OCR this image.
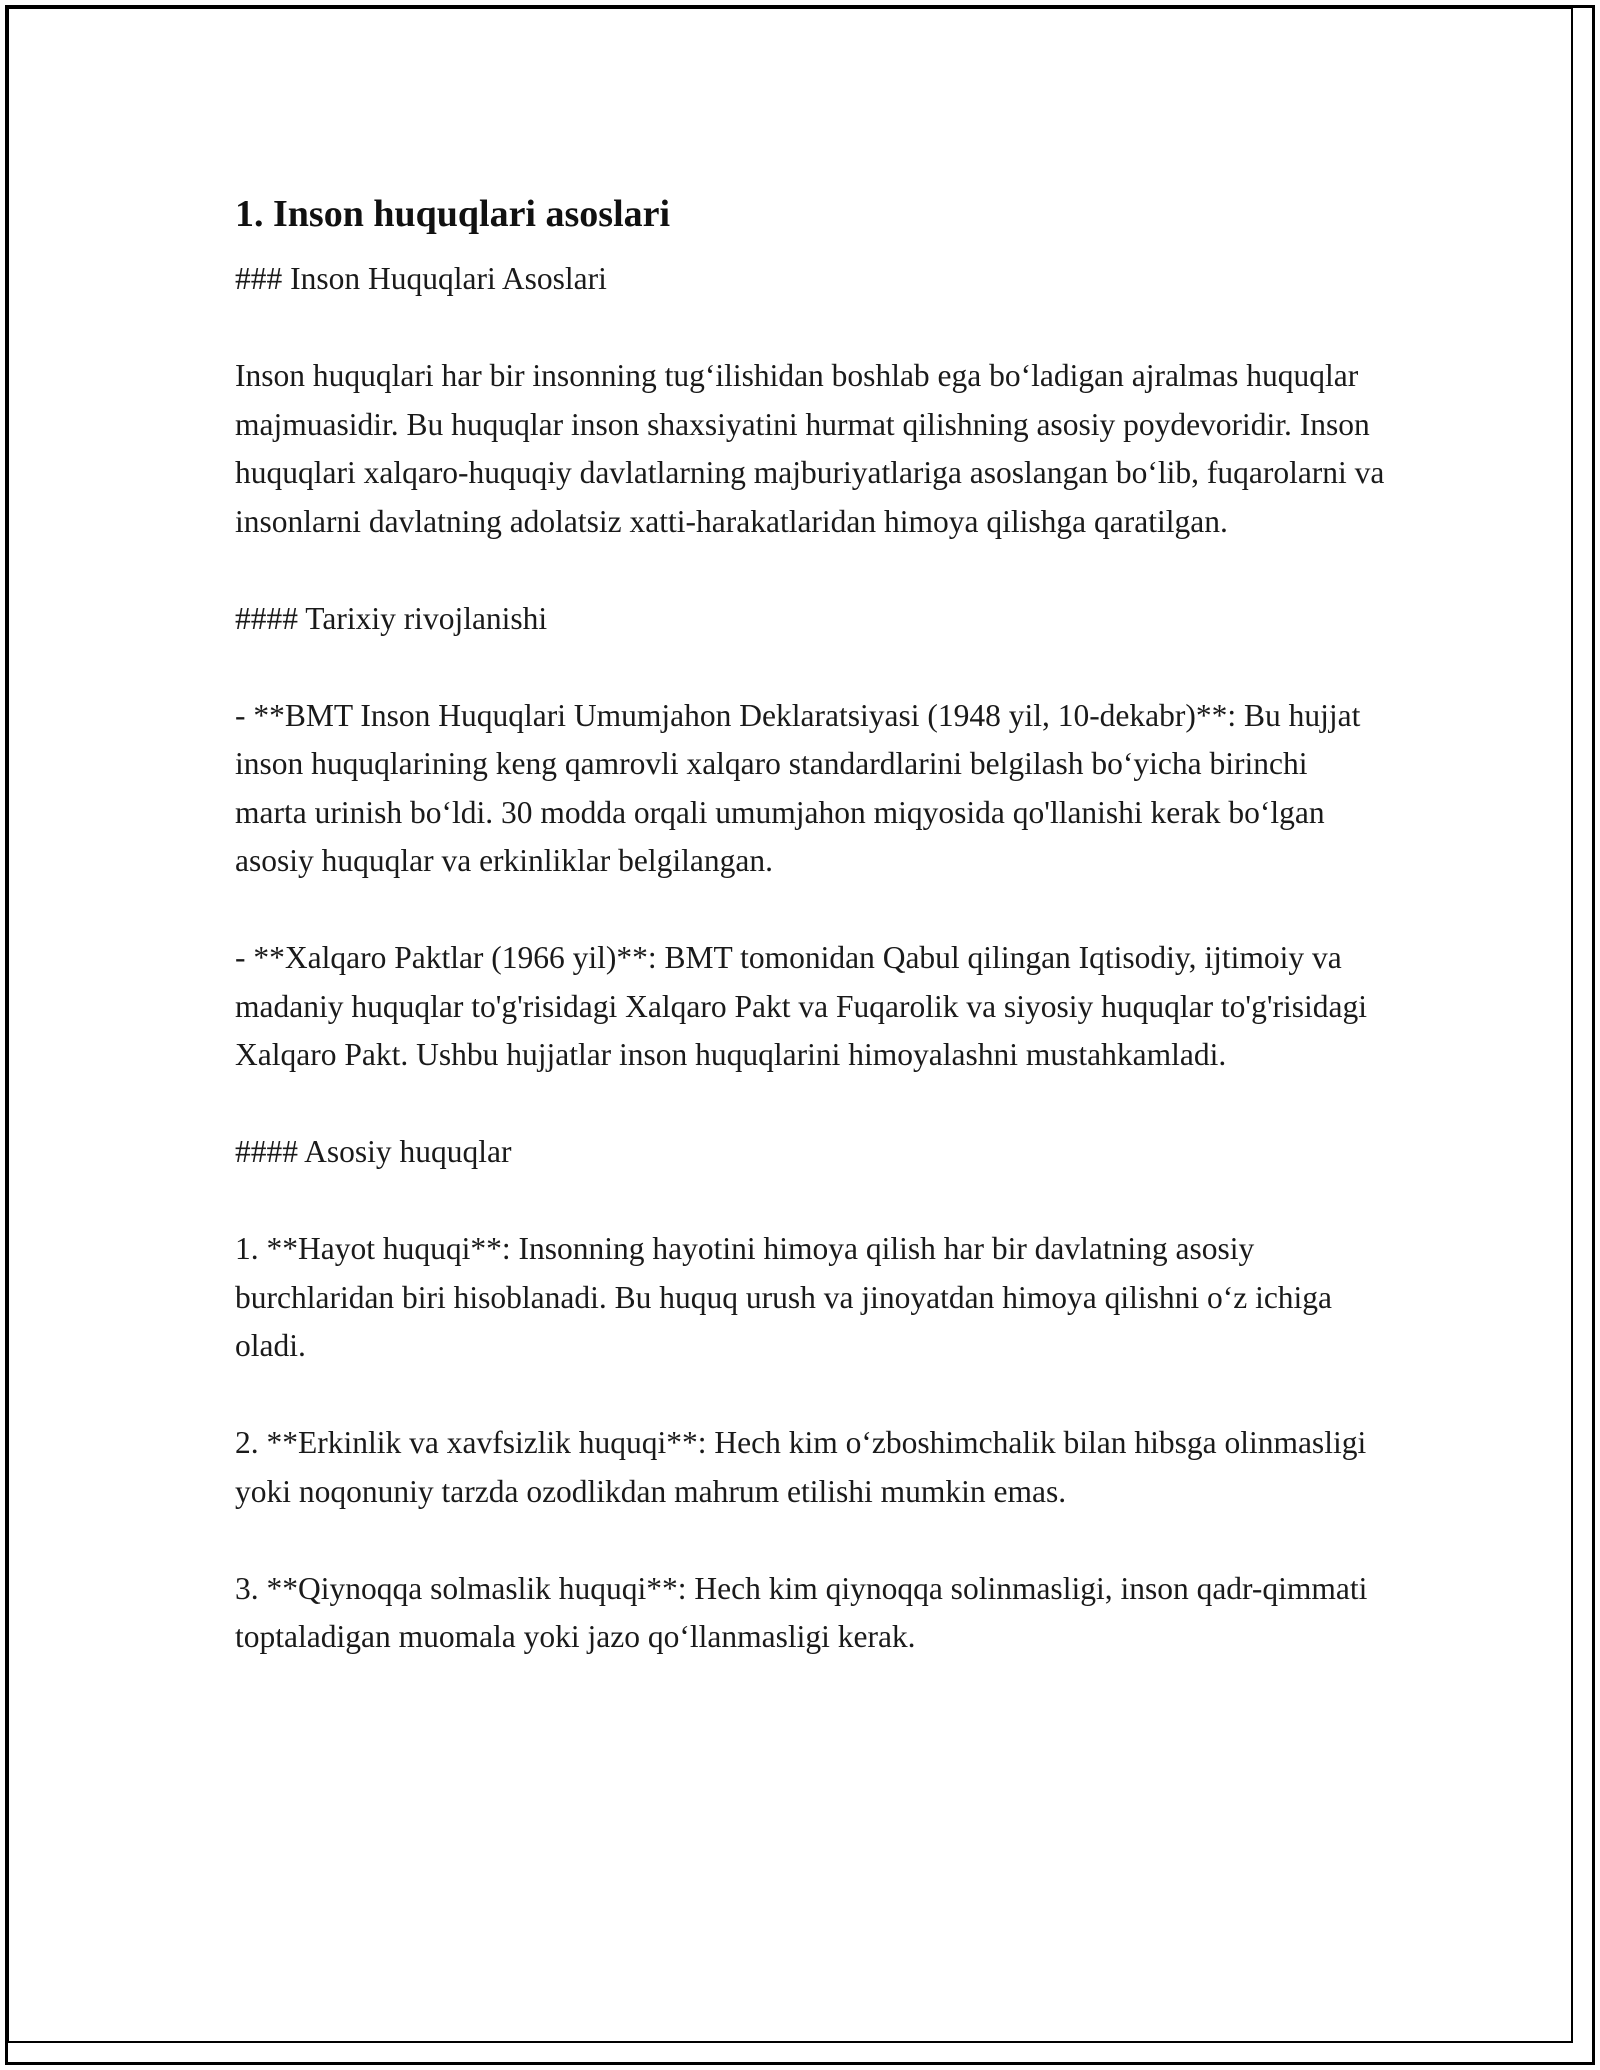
1. Inson huquqlari asoslari

### Inson Huquqlari Asoslari

Inson huquqlari har bir insonning tug‘ilishidan boshlab ega bo‘ladigan ajralmas huquqlar majmuasidir. Bu huquqlar inson shaxsiyatini hurmat qilishning asosiy poydevoridir. Inson huquqlari xalqaro-huquqiy davlatlarning majburiyatlariga asoslangan bo‘lib, fuqarolarni va insonlarni davlatning adolatsiz xatti-harakatlaridan himoya qilishga qaratilgan.

#### Tarixiy rivojlanishi

- **BMT Inson Huquqlari Umumjahon Deklaratsiyasi (1948 yil, 10-dekabr)**: Bu hujjat inson huquqlarining keng qamrovli xalqaro standardlarini belgilash bo‘yicha birinchi marta urinish bo‘ldi. 30 modda orqali umumjahon miqyosida qo'llanishi kerak bo‘lgan asosiy huquqlar va erkinliklar belgilangan.

- **Xalqaro Paktlar (1966 yil)**: BMT tomonidan Qabul qilingan Iqtisodiy, ijtimoiy va madaniy huquqlar to'g'risidagi Xalqaro Pakt va Fuqarolik va siyosiy huquqlar to'g'risidagi Xalqaro Pakt. Ushbu hujjatlar inson huquqlarini himoyalashni mustahkamladi.

#### Asosiy huquqlar

1. **Hayot huquqi**: Insonning hayotini himoya qilish har bir davlatning asosiy burchlaridan biri hisoblanadi. Bu huquq urush va jinoyatdan himoya qilishni o‘z ichiga oladi.

2. **Erkinlik va xavfsizlik huquqi**: Hech kim o‘zboshimchalik bilan hibsga olinmasligi yoki noqonuniy tarzda ozodlikdan mahrum etilishi mumkin emas.

3. **Qiynoqqa solmaslik huquqi**: Hech kim qiynoqqa solinmasligi, inson qadr-qimmati toptaladigan muomala yoki jazo qo‘llanmasligi kerak.
